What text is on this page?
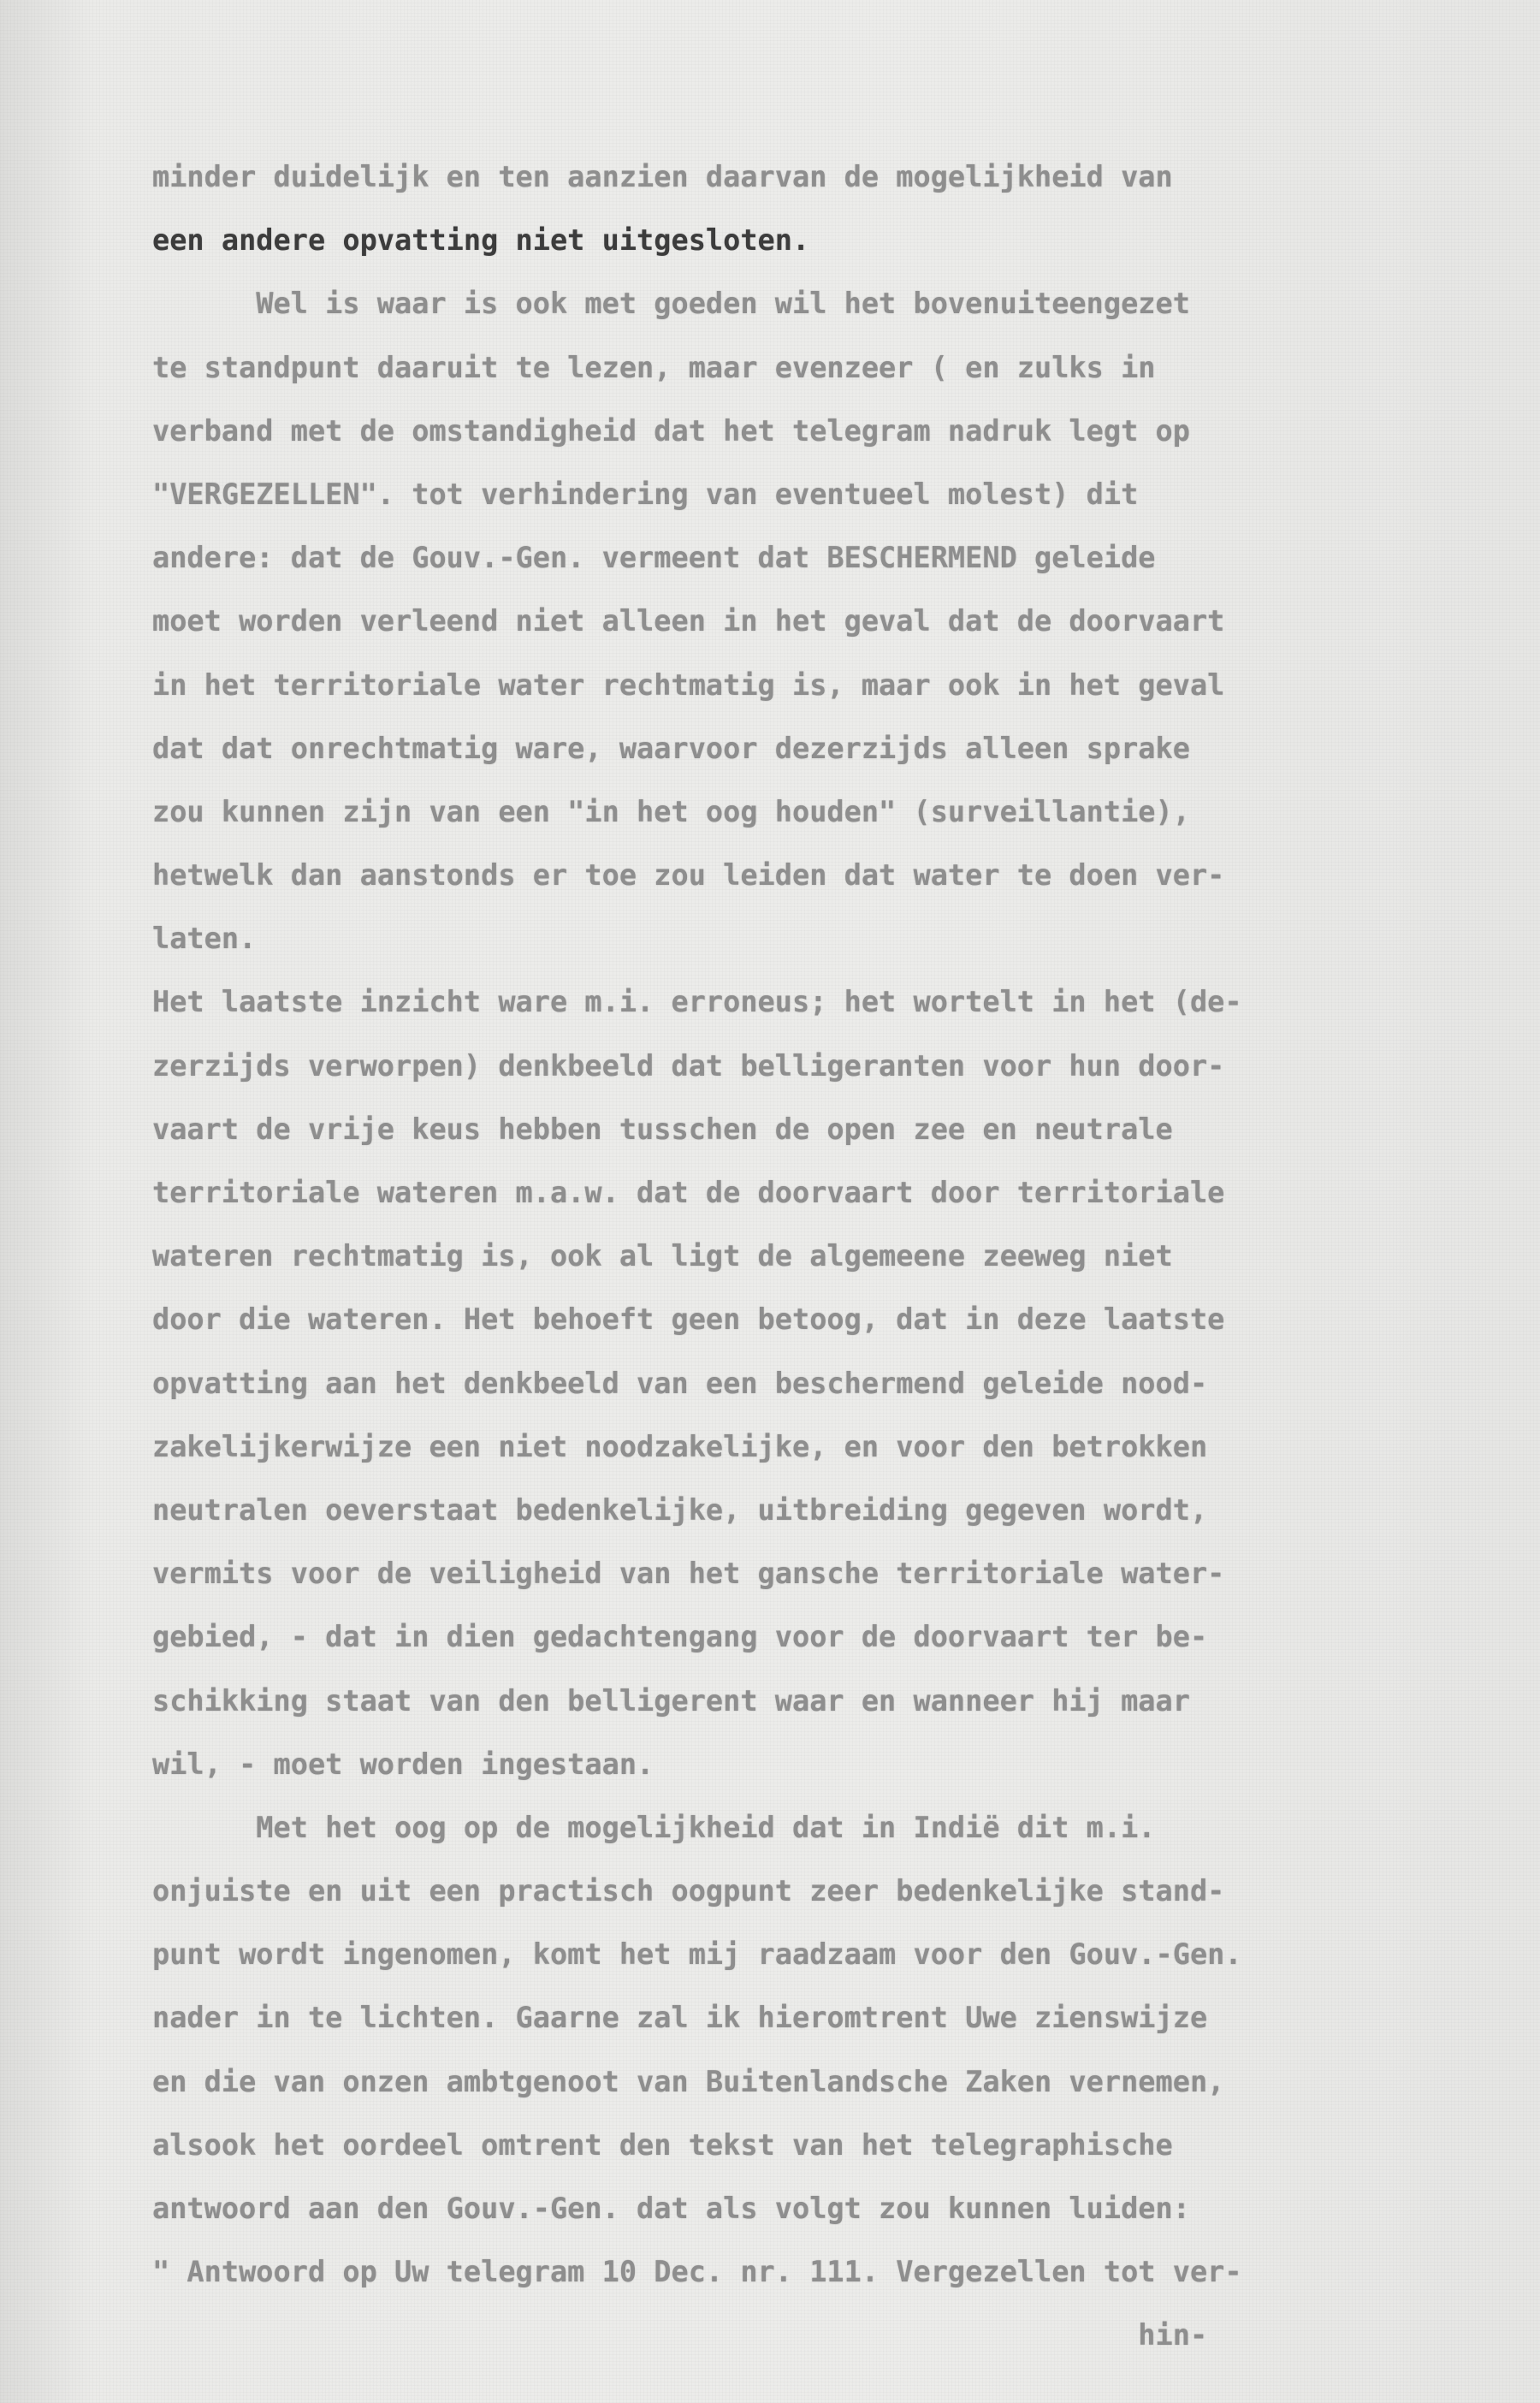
minder duidelijk en ten aanzien daarvan de mogelijkheid van
een andere opvatting niet uitgesloten.
Wel is waar is ook met goeden wil het bovenuiteengezet
te standpunt daaruit te lezen, maar evenzeer ( en zulks in
verband met de omstandigheid dat het telegram nadruk legt op
"VERGEZELLEN". tot verhindering van eventueel molest) dit
andere: dat de Gouv.-Gen. vermeent dat BESCHERMEND geleide
moet worden verleend niet alleen in het geval dat de doorvaart
in het territoriale water rechtmatig is, maar ook in het geval
dat dat onrechtmatig ware, waarvoor dezerzijds alleen sprake
zou kunnen zijn van een "in het oog houden" (surveillantie),
hetwelk dan aanstonds er toe zou leiden dat water te doen ver-
laten.
Het laatste inzicht ware m.i. erroneus; het wortelt in het (de-
zerzijds verworpen) denkbeeld dat belligeranten voor hun door-
vaart de vrije keus hebben tusschen de open zee en neutrale
territoriale wateren m.a.w. dat de doorvaart door territoriale
wateren rechtmatig is, ook al ligt de algemeene zeeweg niet
door die wateren. Het behoeft geen betoog, dat in deze laatste
opvatting aan het denkbeeld van een beschermend geleide nood-
zakelijkerwijze een niet noodzakelijke, en voor den betrokken
neutralen oeverstaat bedenkelijke, uitbreiding gegeven wordt,
vermits voor de veiligheid van het gansche territoriale water-
gebied, - dat in dien gedachtengang voor de doorvaart ter be-
schikking staat van den belligerent waar en wanneer hij maar
wil, - moet worden ingestaan.
Met het oog op de mogelijkheid dat in Indië dit m.i.
onjuiste en uit een practisch oogpunt zeer bedenkelijke stand-
punt wordt ingenomen, komt het mij raadzaam voor den Gouv.-Gen.
nader in te lichten. Gaarne zal ik hieromtrent Uwe zienswijze
en die van onzen ambtgenoot van Buitenlandsche Zaken vernemen,
alsook het oordeel omtrent den tekst van het telegraphische
antwoord aan den Gouv.-Gen. dat als volgt zou kunnen luiden:
" Antwoord op Uw telegram 10 Dec. nr. 111. Vergezellen tot ver-
hin-
